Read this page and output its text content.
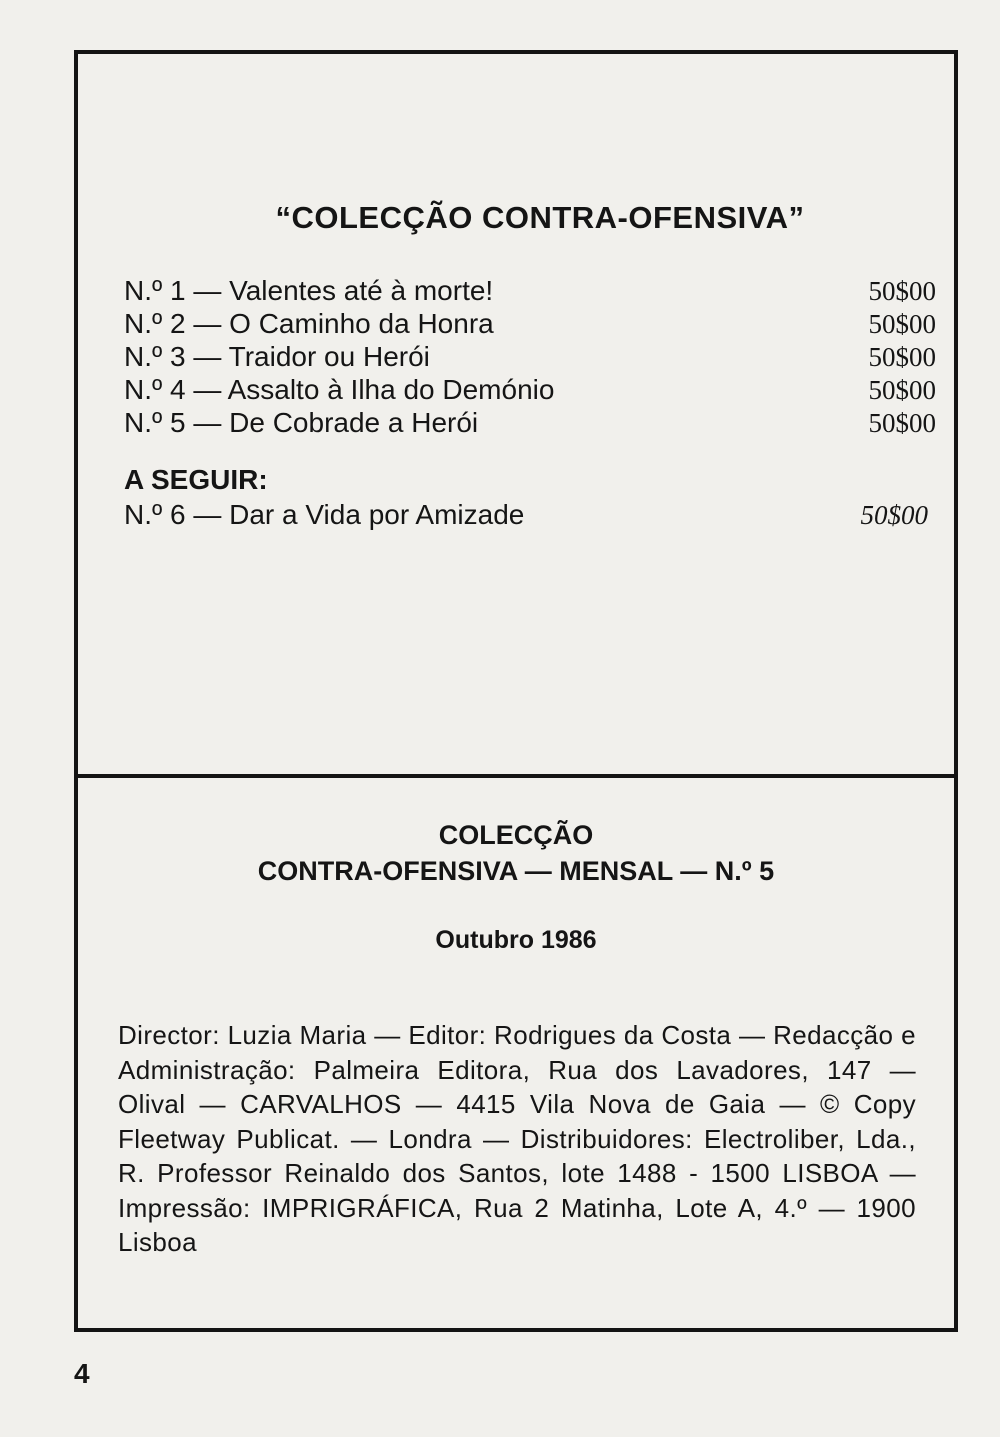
“COLECÇÃO CONTRA-OFENSIVA”
N.º 1 — Valentes até à morte!	50$00
N.º 2 — O Caminho da Honra	50$00
N.º 3 — Traidor ou Herói	50$00
N.º 4 — Assalto à Ilha do Demónio	50$00
N.º 5 — De Cobrade a Herói	50$00
A SEGUIR:
N.º 6 — Dar a Vida por Amizade	50$00
COLECÇÃO
CONTRA-OFENSIVA — MENSAL — N.º 5
Outubro 1986
Director: Luzia Maria — Editor: Rodrigues da Costa — Redacção e Administração: Palmeira Editora, Rua dos Lavadores, 147 — Olival — CARVALHOS — 4415 Vila Nova de Gaia — © Copy Fleetway Publicat. — Londra — Distribuidores: Electroliber, Lda., R. Professor Reinaldo dos Santos, lote 1488 - 1500 LISBOA — Impressão: IMPRIGRÁFICA, Rua 2 Matinha, Lote A, 4.º — 1900 Lisboa
4
